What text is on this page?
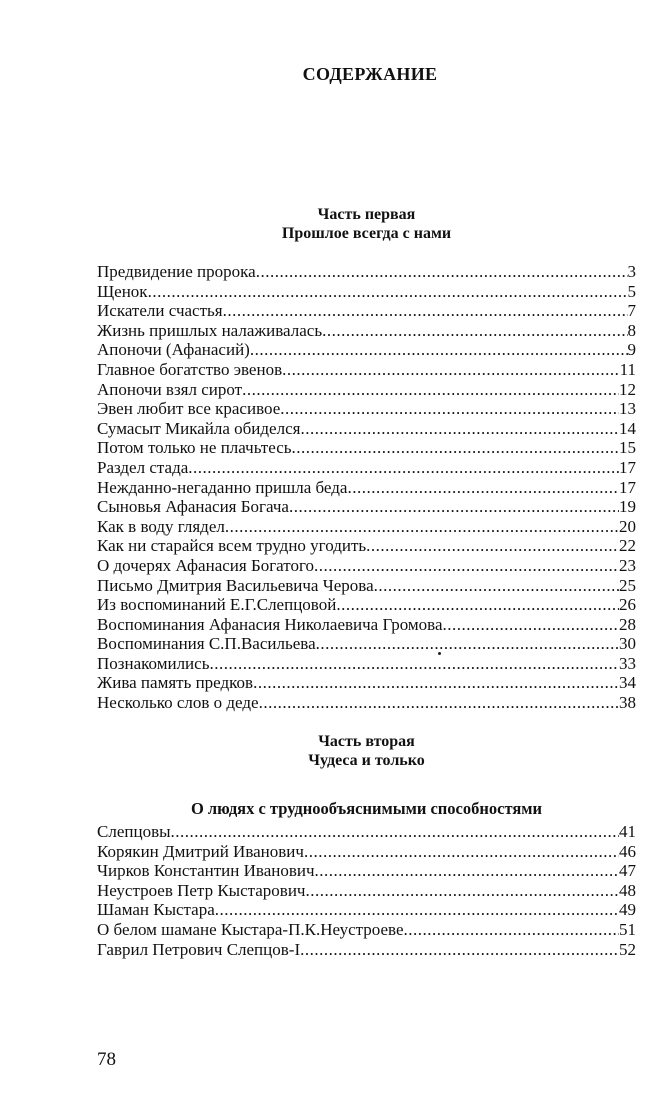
СОДЕРЖАНИЕ
Часть первая
Прошлое всегда с нами
Предвидение пророка .....	3
Щенок .....	5
Искатели счастья .....	7
Жизнь пришлых налаживалась .....	8
Апоночи (Афанасий) .....	9
Главное богатство эвенов .....	11
Апоночи взял сирот .....	12
Эвен любит все красивое .....	13
Сумасыт Микайла обиделся .....	14
Потом только не плачьтесь .....	15
Раздел стада .....	17
Нежданно-негаданно пришла беда .....	17
Сыновья Афанасия Богача .....	19
Как в воду глядел .....	20
Как ни старайся всем трудно угодить .....	22
О дочерях Афанасия Богатого .....	23
Письмо Дмитрия Васильевича Черова .....	25
Из воспоминаний Е.Г.Слепцовой .....	26
Воспоминания Афанасия Николаевича Громова .....	28
Воспоминания С.П.Васильева .....	30
Познакомились .....	33
Жива память предков .....	34
Несколько слов о деде .....	38
Часть вторая
Чудеса и только
О людях с труднообъяснимыми способностями
Слепцовы .....	41
Корякин Дмитрий Иванович .....	46
Чирков Константин Иванович .....	47
Неустроев Петр Кыстарович .....	48
Шаман Кыстара .....	49
О белом шамане Кыстара-П.К.Неустроеве .....	51
Гаврил Петрович Слепцов-I .....	52
78
